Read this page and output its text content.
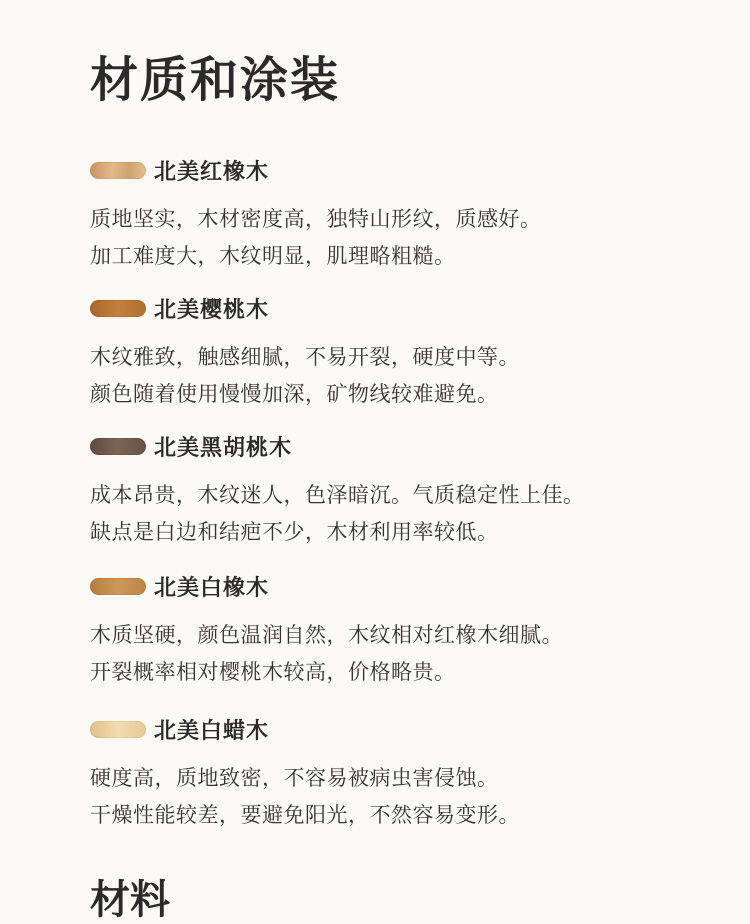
材质和涂装
北美红橡木

质地坚实，木材密度高，独特山形纹，质感好。

加工难度大，木纹明显，肌理略粗糙。

北美樱桃木

木纹雅致，触感细腻，不易开裂，硬度中等。

颜色随着使用慢慢加深，矿物线较难避免。

北美黑胡桃木

成本昂贵，木纹迷人，色泽暗沉。气质稳定性上佳。

缺点是白边和结疤不少，木材利用率较低。

北美白橡木

木质坚硬，颜色温润自然，木纹相对红橡木细腻。

开裂概率相对樱桃木较高，价格略贵。

北美白蜡木

硬度高，质地致密，不容易被病虫害侵蚀。

干燥性能较差，要避免阳光，不然容易变形。

材料
